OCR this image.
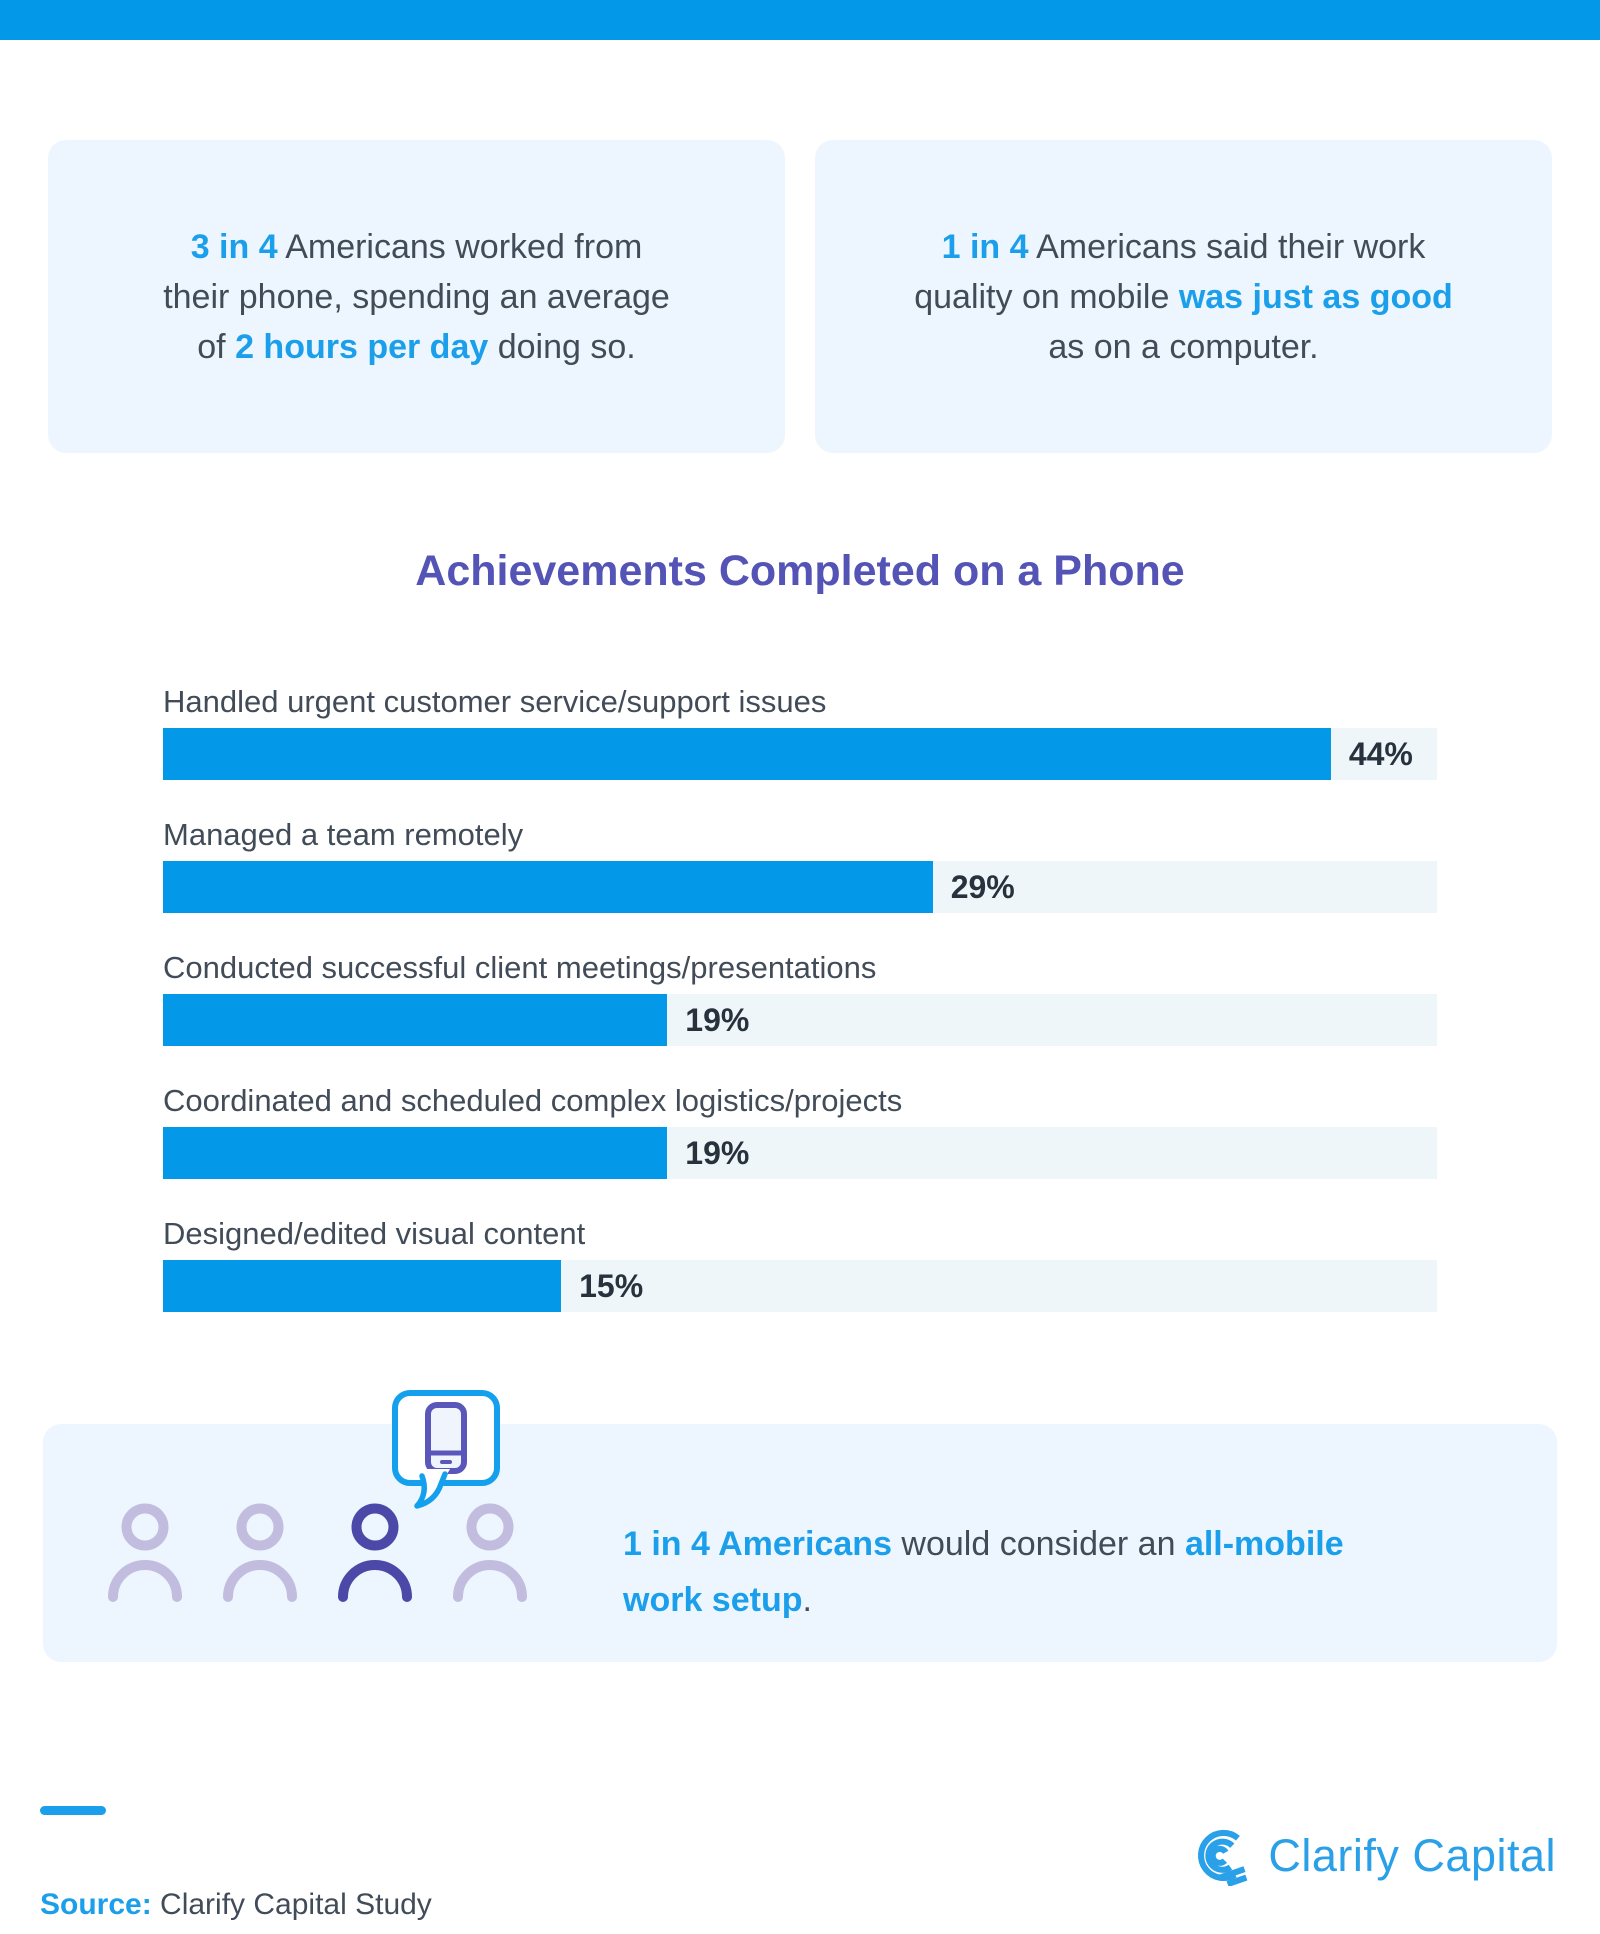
3 in 4 Americans worked from
their phone, spending an average
of 2 hours per day doing so.

1 in 4 Americans said their work
quality on mobile was just as good
as on a computer.

Achievements Completed on a Phone
Handled urgent customer service/support issues
44%
Managed a team remotely
29%
Conducted successful client meetings/presentations
19%
Coordinated and scheduled complex logistics/projects
19%
Designed/edited visual content
15%

1 in 4 Americans would consider an all-mobile
work setup.

Source: Clarify Capital Study

Clarify Capital
